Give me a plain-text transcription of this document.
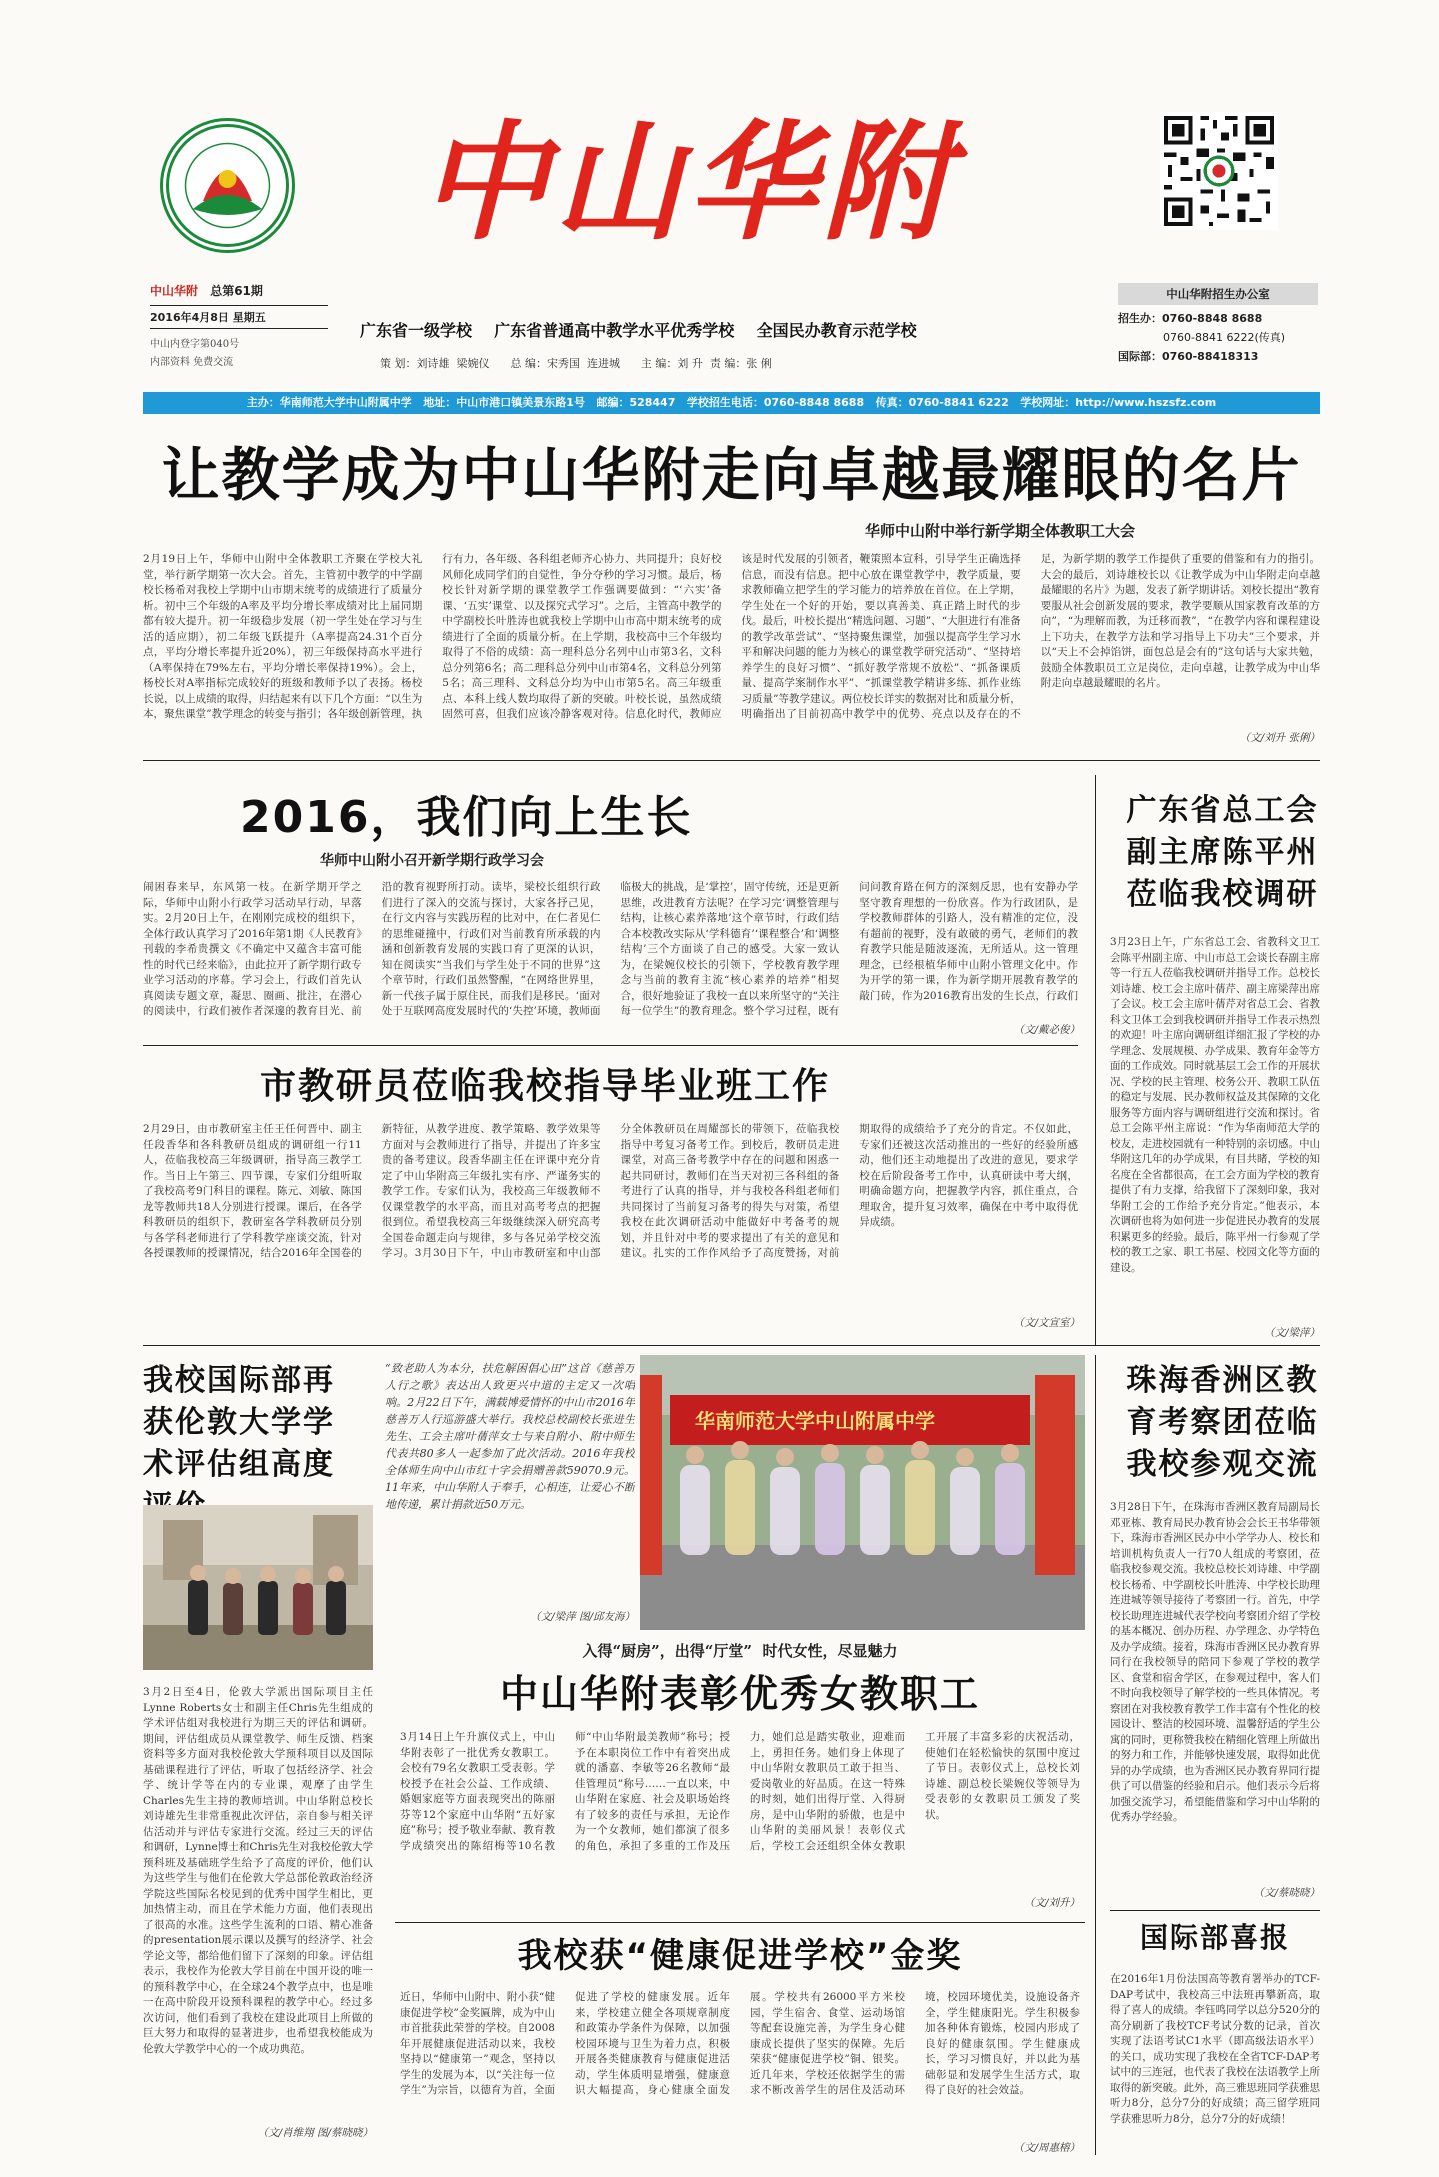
中山华附
中山华附 总第61期
2016年4月8日 星期五
中山内登字第040号
内部资料 免费交流
广东省一级学校    广东省普通高中教学水平优秀学校    全国民办教育示范学校
策 划：刘诗雄  梁婉仪      总 编：宋秀国  连进城      主 编：刘 升  责 编：张 俐
中山华附招生办公室
招生办：0760-8848 8688
0760-8841 6222(传真)
国际部：0760-88418313
主办：华南师范大学中山附属中学   地址：中山市港口镇美景东路1号   邮编：528447   学校招生电话：0760-8848 8688   传真：0760-8841 6222   学校网址：http://www.hszsfz.com
让教学成为中山华附走向卓越最耀眼的名片
华师中山附中举行新学期全体教职工大会
2月19日上午，华师中山附中全体教职工齐聚在学校大礼堂，举行新学期第一次大会。首先，主管初中教学的中学副校长杨希对我校上学期中山市期末统考的成绩进行了质量分析。初中三个年级的A率及平均分增长率成绩对比上届同期都有较大提升。初一年级稳步发展（初一学生处在学习与生活的适应期），初二年级飞跃提升（A率提高24.31个百分点，平均分增长率提升近20%），初三年级保持高水平进行（A率保持在79%左右，平均分增长率保持19%）。会上，杨校长对A率指标完成较好的班级和教师予以了表扬。杨校长说，以上成绩的取得，归结起来有以下几个方面：“以生为本，聚焦课堂”教学理念的转变与指引；各年级创新管理，执行有力，各年级、各科组老师齐心协力、共同提升；良好校风师化成同学们的自觉性，争分夺秒的学习习惯。最后，杨校长针对新学期的课堂教学工作强调要做到：“‘六实’备课、‘五实’课堂、以及探究式学习”。之后，主管高中教学的中学副校长叶胜涛也就我校上学期中山市高中期末统考的成绩进行了全面的质量分析。在上学期，我校高中三个年级均取得了不俗的成绩：高一理科总分名列中山市第3名，文科总分列第6名；高二理科总分列中山市第4名，文科总分列第5名；高三理科、文科总分均为中山市第5名。高三年级重点、本科上线人数均取得了新的突破。叶校长说，虽然成绩固然可喜，但我们应该冷静客观对待。信息化时代，教师应该是时代发展的引领者，鞭策照本宣科，引导学生正确选择信息，而没有信息。把中心放在课堂教学中，教学质量，要求教师确立把学生的学习能力的培养放在首位。在上学期，学生处在一个好的开始，要以真善美、真正踏上时代的步伐。最后，叶校长提出“精选问题、习题”、“大胆进行有准备的教学改革尝试”、“坚持聚焦课堂，加强以提高学生学习水平和解决问题的能力为核心的课堂教学研究活动”、“坚持培养学生的良好习惯”、“抓好教学常规不放松”、“抓备课质量、提高学案制作水平”、“抓课堂教学精讲多练、抓作业练习质量”等教学建议。两位校长详实的数据对比和质量分析，明确指出了目前初高中教学中的优势、亮点以及存在的不足，为新学期的教学工作提供了重要的借鉴和有力的指引。大会的最后，刘诗雄校长以《让教学成为中山华附走向卓越最耀眼的名片》为题，发表了新学期讲话。刘校长提出“教育要服从社会创新发展的要求，教学要顺从国家教育改革的方向”，“为理解而教，为迁移而教”，“在教学内容和课程建设上下功夫，在教学方法和学习指导上下功夫”三个要求，并以“天上不会掉馅饼，面包总是会有的”这句话与大家共勉，鼓励全体教职员工立足岗位，走向卓越，让教学成为中山华附走向卓越最耀眼的名片。
（文/刘升 张俐）
2016，我们向上生长
华师中山附小召开新学期行政学习会
闹困春来早，东风第一枝。在新学期开学之际，华师中山附小行政学习活动早行动，早落实。2月20日上午，在刚刚完成校的组织下，全体行政认真学习了2016年第1期《人民教育》刊载的李希贵撰文《不确定中又蕴含丰富可能性的时代已经来临》，由此拉开了新学期行政专业学习活动的序幕。学习会上，行政们首先认真阅读专题文章，凝思、圈画、批注，在潜心的阅读中，行政们被作者深邃的教育目光、前沿的教育视野所打动。读毕，梁校长组织行政们进行了深入的交流与探讨，大家各抒己见，在行文内容与实践历程的比对中，在仁者见仁的思维碰撞中，行政们对当前教育所承载的内涵和创新教育发展的实践口育了更深的认识，知在阅读实“当我们与学生处于不同的世界”这个章节时，行政们虽然警醒，“在网络世界里，新一代孩子属于原住民，而我们是移民。‘面对处于互联网高度发展时代的‘失控’环境，教师面临极大的挑战，是‘掌控’，固守传统，还是更新思维，改进教育方法呢？在学习完‘调整管理与结构，让核心素养落地’这个章节时，行政们结合本校教改实际从‘学科德育’‘课程整合’和‘调整结构’三个方面谈了自己的感受。大家一致认为，在梁婉仪校长的引领下，学校教育教学理念与当前的教育主流“核心素养的培养”相契合，很好地验证了我校一直以来所坚守的“关注每一位学生”的教育理念。整个学习过程，既有问问教育路在何方的深刻反思，也有安静办学坚守教育理想的一份欣喜。作为行政团队，是学校教师群体的引路人，没有精准的定位，没有超前的视野，没有敢破的勇气，老师们的教育教学只能是随波逐流，无所适从。这一管理理念，已经根植华师中山附小管理文化中。作为开学的第一课，作为新学期开展教育教学的敲门砖，作为2016教育出发的生长点，行政们
（文/戴必俊）
市教研员莅临我校指导毕业班工作
2月29日，由市教研室主任王任何晋中、副主任段香华和各科教研员组成的调研组一行11人，莅临我校高三年级调研，指导高三教学工作。当日上午第三、四节课，专家们分组听取了我校高考9门科目的课程。陈元、刘敏、陈国龙等教师共18人分别进行授课。课后，在各学科教研员的组织下，教研室各学科教研员分别与各学科老师进行了学科教学座谈交流，针对各授课教师的授课情况，结合2016年全国卷的新特征，从教学进度、教学策略、教学效果等方面对与会教师进行了指导，并提出了许多宝贵的备考建议。段香华副主任在评课中充分肯定了中山华附高三年级扎实有序、严谨务实的教学工作。专家们认为，我校高三年级教师不仅课堂教学的水平高，而且对高考考点的把握很到位。希望我校高三年级继续深入研究高考全国卷命题走向与规律，多与各兄弟学校交流学习。3月30日下午，中山市教研室和中山部分全体教研员在周耀部长的带领下，莅临我校指导中考复习备考工作。到校后，教研员走进课堂，对高三备考教学中存在的问题和困惑一起共同研讨，教师们在当天对初三各科组的备考进行了认真的指导，并与我校各科组老师们共同探讨了当前复习备考的得失与对策，希望我校在此次调研活动中能做好中考备考的规划，并且针对中考的要求提出了有关的意见和建议。扎实的工作作风给予了高度赞扬，对前期取得的成绩给予了充分的肯定。不仅如此，专家们还被这次活动推出的一些好的经验所感动，他们还主动地提出了改进的意见，要求学校在后阶段备考工作中，认真研读中考大纲，明确命题方向，把握教学内容，抓住重点，合理取舍，提升复习效率，确保在中考中取得优异成绩。
（文/文宣室）
广东省总工会副主席陈平州莅临我校调研
3月23日上午，广东省总工会、省教科文卫工会陈平州副主席、中山市总工会谈长春副主席等一行五人莅临我校调研并指导工作。总校长刘诗雄、校工会主席叶蒨芹、副主席梁萍出席了会议。校工会主席叶蒨芹对省总工会、省教科文卫体工会到我校调研并指导工作表示热烈的欢迎！叶主席向调研组详细汇报了学校的办学理念、发展规模、办学成果、教育年金等方面的工作成效。同时就基层工会工作的开展状况、学校的民主管理、校务公开、教职工队伍的稳定与发展、民办教师权益及其保障的文化服务等方面内容与调研组进行交流和探讨。省总工会陈平州主席说：“作为华南师范大学的校友，走进校园就有一种特别的亲切感。中山华附这几年的办学成果，有目共睹，学校的知名度在全省都很高，在工会方面为学校的教育提供了有力支撑，给我留下了深刻印象，我对华附工会的工作给予充分肯定。”他表示，本次调研也将为如何进一步促进民办教育的发展积累更多的经验。最后，陈平州一行参观了学校的教工之家、职工书屋、校园文化等方面的建设。
（文/梁萍）
我校国际部再获伦敦大学学术评估组高度
3月2日至4日，伦敦大学派出国际项目主任Lynne Roberts女士和副主任Chris先生组成的学术评估组对我校进行为期三天的评估和调研。期间，评估组成员从课堂教学、师生反馈、档案资料等多方面对我校伦敦大学预科项目以及国际基础课程进行了评估，听取了包括经济学、社会学、统计学等在内的专业课，观摩了由学生Charles先生主持的教师培训。中山华附总校长刘诗雄先生非常重视此次评估，亲自参与相关评估活动并与评估专家进行交流。经过三天的评估和调研，Lynne博士和Chris先生对我校伦敦大学预科班及基础班学生给予了高度的评价，他们认为这些学生与他们在伦敦大学总部伦敦政治经济学院这些国际名校见到的优秀中国学生相比，更加热情主动，而且在学术能力方面，他们表现出了很高的水准。这些学生流利的口语、精心准备的presentation展示课以及撰写的经济学、社会学论文等，都给他们留下了深刻的印象。评估组表示，我校作为伦敦大学目前在中国开设的唯一的预科教学中心，在全球24个教学点中，也是唯一在高中阶段开设预科课程的教学中心。经过多次访问，他们看到了我校在建设此项目上所做的巨大努力和取得的显著进步，也希望我校能成为伦敦大学教学中心的一个成功典范。
（文/肖维翔 图/蔡晓晓）
“致老助人为本分，扶危解困倡心田”这首《慈善万人行之歌》表达出人致更兴中道的主定又一次唱响。2月22日下午，满载博爱情怀的中山市2016年慈善万人行巡游盛大举行。我校总校副校长张进生先生、工会主席叶蒨萍女士与来自附小、附中师生代表共80多人一起参加了此次活动。2016年我校全体师生向中山市红十字会捐赠善款59070.9元。11年来，中山华附人于奉手，心相连，让爱心不断地传递，累计捐款近50万元。
（文/梁萍 图/邱友海）
华南师范大学中山附属中学
入得“厨房”，出得“厅堂”  时代女性，尽显魅力
中山华附表彰优秀女教职工
3月14日上午升旗仪式上，中山华附表彰了一批优秀女教职工。会校有79名女教职工受表彰。学校授予在社会公益、工作成绩、婚姻家庭等方面表现突出的陈丽芬等12个家庭中山华附“五好家庭”称号；授予敬业奉献、教育教学成绩突出的陈绍梅等10名教师“中山华附最美教师”称号；授予在本职岗位工作中有着突出成就的潘嘉、李敏等26名教师“最佳管理员”称号……一直以来，中山华附在家庭、社会及职场始终有了较多的责任与承担，无论作为一个女教师，她们都演了很多的角色，承担了多重的工作及压力，她们总是踏实敬业，迎难而上，勇担任务。她们身上体现了中山华附女教职员工敢于担当、爱岗敬业的好品质。在这一特殊的时刻，她们出得厅堂、入得厨房，是中山华附的骄傲，也是中山华附的美丽风景！表彰仪式后，学校工会还组织全体女教职工开展了丰富多彩的庆祝活动，使她们在轻松愉快的氛围中度过了节日。表彰仪式上，总校长刘诗雄、副总校长梁婉仪等领导为受表彰的女教职员工颁发了奖状。
（文/刘升）
我校获“健康促进学校”金奖
近日，华师中山附中、附小获“健康促进学校”金奖匾牌，成为中山市首批获此荣誉的学校。自2008年开展健康促进活动以来，我校坚持以“健康第一”观念，坚持以学生的发展为本，以“关注每一位学生”为宗旨，以德育为首，全面促进了学校的健康发展。近年来，学校建立健全各项规章制度和政策办学条件为保障，以加强校园环境与卫生为着力点，积极开展各类健康教育与健康促进活动，学生体质明显增强，健康意识大幅提高，身心健康全面发展。学校共有26000平方米校园，学生宿舍、食堂、运动场馆等配套设施完善，为学生身心健康成长提供了坚实的保障。先后荣获“健康促进学校”铜、银奖。近几年来，学校还依据学生的需求不断改善学生的居住及活动环境，校园环境优美，设施设备齐全，学生健康阳光。学生积极参加各种体育锻炼，校园内形成了良好的健康氛围。学生健康成长，学习习惯良好，并以此为基础彰显和发展学生生活方式，取得了良好的社会效益。
（文/周惠榕）
珠海香洲区教育考察团莅临我校参观交流
3月28日下午，在珠海市香洲区教育局副局长邓亚栋、教育局民办教育协会会长王书华带领下，珠海市香洲区民办中小学学办人、校长和培训机构负责人一行70人组成的考察团，莅临我校参观交流。我校总校长刘诗雄、中学副校长杨希、中学副校长叶胜涛、中学校长助理连进城等领导接待了考察团一行。首先，中学校长助理连进城代表学校向考察团介绍了学校的基本概况、创办历程、办学理念、办学特色及办学成绩。接着，珠海市香洲区民办教育界同行在我校领导的陪同下参观了学校的教学区、食堂和宿舍学区，在参观过程中，客人们不时向我校领导了解学校的一些具体情况。考察团在对我校教育教学工作丰富有个性化的校园设计、整洁的校园环境、温馨舒适的学生公寓的同时，更称赞我校在精细化管理上所做出的努力和工作，并能够快速发展，取得如此优异的办学成绩，也为香洲区民办教育界同行提供了可以借鉴的经验和启示。他们表示今后将加强交流学习，希望能借鉴和学习中山华附的优秀办学经验。
（文/蔡晓晓）
国际部喜报
在2016年1月份法国高等教育署举办的TCF-DAP考试中，我校高三中法班再攀新高，取得了喜人的成绩。李钰鸣同学以总分520分的高分刷新了我校TCF考试分数的记录，首次实现了法语考试C1水平（即高级法语水平）的关口，成功实现了我校在全省TCF-DAP考试中的三连冠，也代表了我校在法语教学上所取得的新突破。此外，高三雅思班同学获雅思听力8分，总分7分的好成绩；高三留学班同学获雅思听力8分，总分7分的好成绩！
